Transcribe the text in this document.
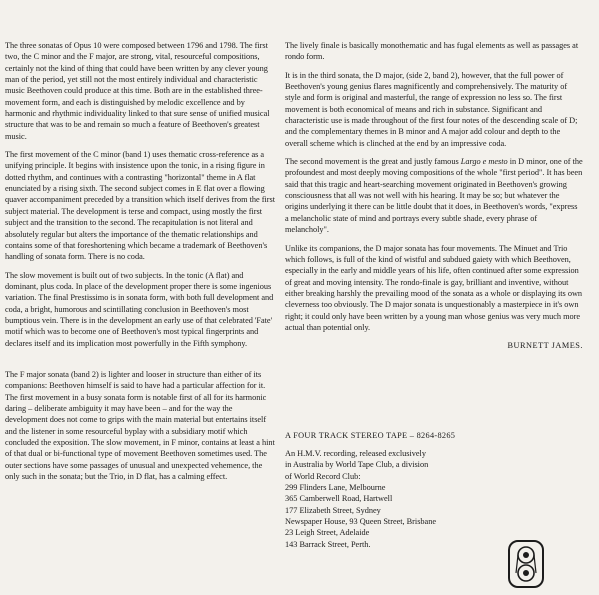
The three sonatas of Opus 10 were composed between 1796 and 1798. The first two, the C minor and the F major, are strong, vital, resourceful compositions, certainly not the kind of thing that could have been written by any clever young man of the period, yet still not the most entirely individual and characteristic music Beethoven could produce at this time. Both are in the established three-movement form, and each is distinguished by melodic excellence and by harmonic and rhythmic individuality linked to that sure sense of unified musical structure that was to be and remain so much a feature of Beethoven's greatest music.

The first movement of the C minor (band 1) uses thematic cross-reference as a unifying principle. It begins with insistence upon the tonic, in a rising figure in dotted rhythm, and continues with a contrasting "horizontal" theme in A flat enunciated by a rising sixth. The second subject comes in E flat over a flowing quaver accompaniment preceded by a transition which itself derives from the first subject material. The development is terse and compact, using mostly the first subject and the transition to the second. The recapitulation is not literal and absolutely regular but alters the importance of the thematic relationships and contains some of that foreshortening which became a trademark of Beethoven's handling of sonata form. There is no coda.

The slow movement is built out of two subjects. In the tonic (A flat) and dominant, plus coda. In place of the development proper there is some ingenious variation. The final Prestissimo is in sonata form, with both full development and coda, a bright, humorous and scintillating conclusion in Beethoven's most bumptious vein. There is in the development an early use of that celebrated 'Fate' motif which was to become one of Beethoven's most typical fingerprints and declares itself and its implication most powerfully in the Fifth symphony.

The F major sonata (band 2) is lighter and looser in structure than either of its companions: Beethoven himself is said to have had a particular affection for it. The first movement in a busy sonata form is notable first of all for its harmonic daring – deliberate ambiguity it may have been – and for the way the development does not come to grips with the main material but entertains itself and the listener in some resourceful byplay with a subsidiary motif which concluded the exposition. The slow movement, in F minor, contains at least a hint of that dual or bi-functional type of movement Beethoven sometimes used. The outer sections have some passages of unusual and unexpected vehemence, the only such in the sonata; but the Trio, in D flat, has a calming effect.

The lively finale is basically monothematic and has fugal elements as well as passages at rondo form.

It is in the third sonata, the D major, (side 2, band 2), however, that the full power of Beethoven's young genius flares magnificently and comprehensively. The maturity of style and form is original and masterful, the range of expression no less so. The first movement is both economical of means and rich in substance. Significant and characteristic use is made throughout of the first four notes of the descending scale of D; and the complementary themes in B minor and A major add colour and depth to the overall scheme which is clinched at the end by an impressive coda.

The second movement is the great and justly famous Largo e mesto in D minor, one of the profoundest and most deeply moving compositions of the whole "first period". It has been said that this tragic and heart-searching movement originated in Beethoven's growing consciousness that all was not well with his hearing. It may be so; but whatever the origins underlying it there can be little doubt that it does, in Beethoven's words, "express a melancholic state of mind and portrays every subtle shade, every phrase of melancholy".

Unlike its companions, the D major sonata has four movements. The Minuet and Trio which follows, is full of the kind of wistful and subdued gaiety with which Beethoven, especially in the early and middle years of his life, often continued after some expression of great and moving intensity. The rondo-finale is gay, brilliant and inventive, without either breaking harshly the prevailing mood of the sonata as a whole or displaying its own cleverness too obviously. The D major sonata is unquestionably a masterpiece in it's own right; it could only have been written by a young man whose genius was very much more actual than potential only.

BURNETT JAMES.

A FOUR TRACK STEREO TAPE – 8264-8265

An H.M.V. recording, released exclusively
in Australia by World Tape Club, a division
of World Record Club:
299 Flinders Lane, Melbourne
365 Camberwell Road, Hartwell
177 Elizabeth Street, Sydney
Newspaper House, 93 Queen Street, Brisbane
23 Leigh Street, Adelaide
143 Barrack Street, Perth.
